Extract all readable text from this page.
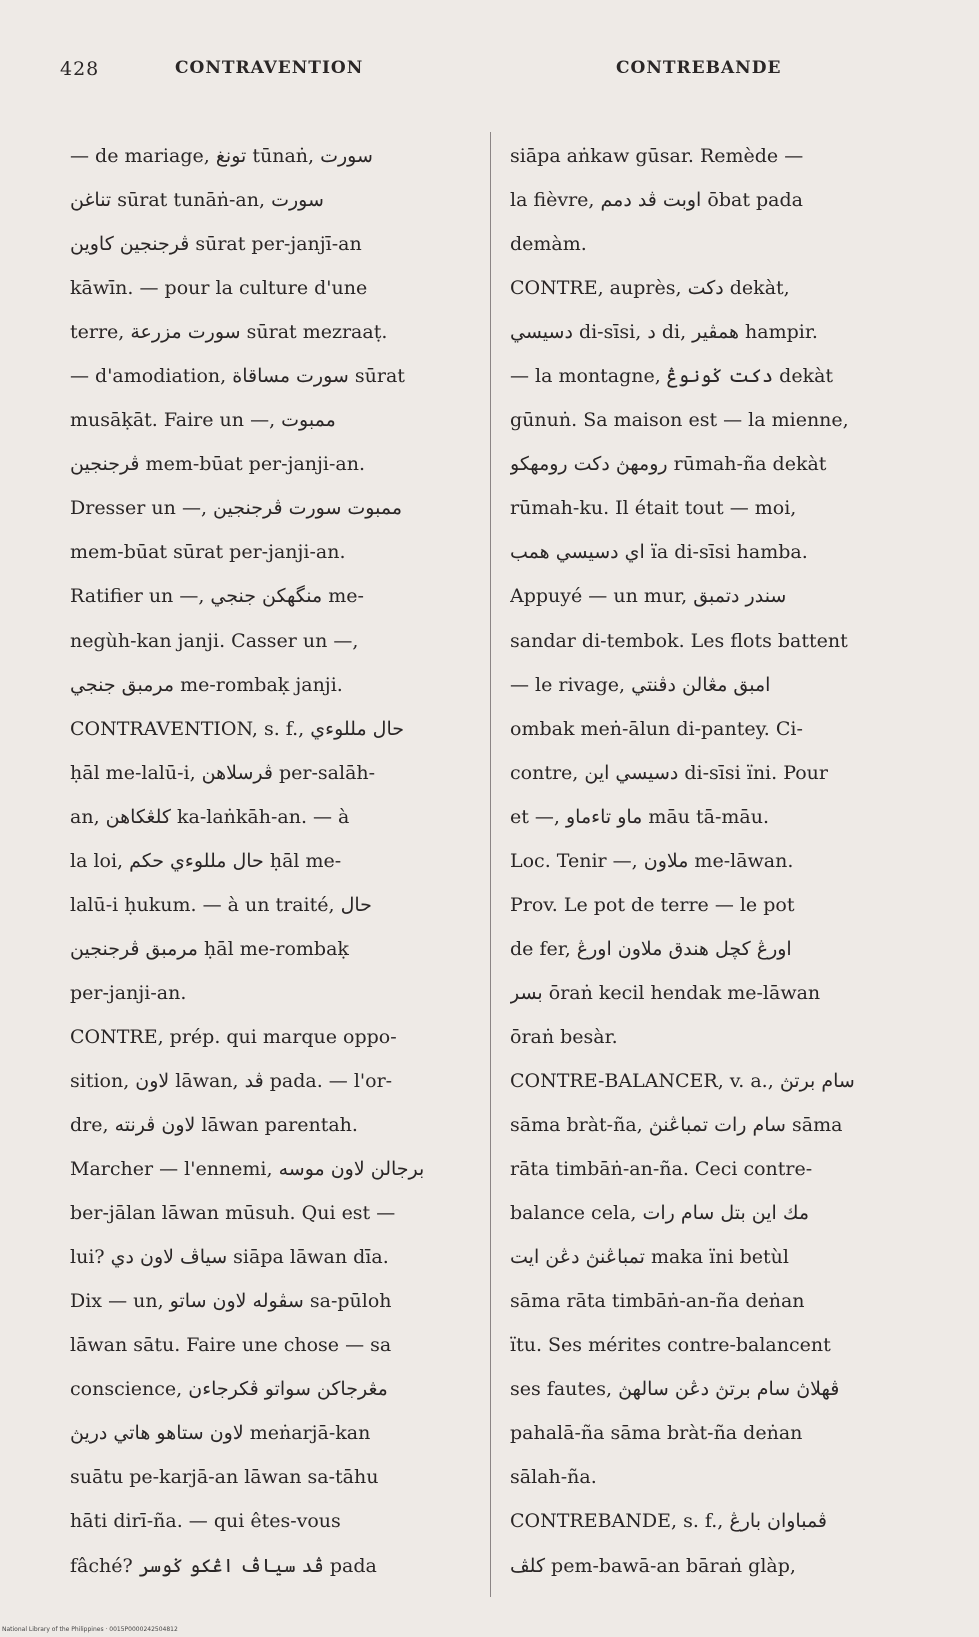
428	CONTRAVENTION	CONTREBANDE
— de mariage, تونغ tūnaṅ, سورت
تناغن sūrat tunāṅ-an, سورت
ڤرجنجين كاوين sūrat per-janjī-an
kāwīn. — pour la culture d'une
terre, سورت مزرعة sūrat mezraaṭ.
— d'amodiation, سورت مساقاة sūrat
musāḳāt. Faire un —, ممبوت
ڤرجنجين mem-būat per-janji-an.
Dresser un —, ممبوت سورت ڤرجنجين
mem-būat sūrat per-janji-an.
Ratifier un —, منگهکن جنجي me-
negùh-kan janji. Casser un —,
مرمبق جنجي me-rombaḳ janji.
CONTRAVENTION, s. f., حال مللوءي
ḥāl me-lalū-i, ڤرسلاهن per-salāh-
an, كلڠكاهن ka-laṅkāh-an. — à
la loi, حال مللوءي حكم ḥāl me-
lalū-i ḥukum. — à un traité, حال
مرمبق ڤرجنجين ḥāl me-rombaḳ
per-janji-an.
CONTRE, prép. qui marque oppo-
sition, لاون lāwan, ڤد pada. — l'or-
dre, لاون ڤرنته lāwan parentah.
Marcher — l'ennemi, برجالن لاون موسه
ber-jālan lāwan mūsuh. Qui est —
lui? سياڤ لاون دي siāpa lāwan dīa.
Dix — un, سڤوله لاون ساتو sa-pūloh
lāwan sātu. Faire une chose — sa
conscience, مڠرجاكن سواتو ڤكرجاءن
لاون ستاهو هاتي دريڽ meṅarjā-kan
suātu pe-karjā-an lāwan sa-tāhu
hāti dirī-ña. — qui êtes-vous
fâché? ڤد سياڤ اڠكو ݢوسر pada
siāpa aṅkaw gūsar. Remède —
la fièvre, اوبت ڤد دمم ōbat pada
demàm.
CONTRE, auprès, دكت dekàt,
دسيسي di-sīsi, د di, همڤير hampir.
— la montagne, دكت ݢونوڠ dekàt
gūnuṅ. Sa maison est — la mienne,
رومهڽ دكت رومهكو rūmah-ña dekàt
rūmah-ku. Il était tout — moi,
اي دسيسي همب ïa di-sīsi hamba.
Appuyé — un mur, سندر دتمبق
sandar di-tembok. Les flots battent
— le rivage, امبق مڠالن دڤنتي
ombak meṅ-ālun di-pantey. Ci-
contre, دسيسي اين di-sīsi ïni. Pour
et —, ماو تاءماو māu tā-māu.
Loc. Tenir —, ملاون me-lāwan.
Prov. Le pot de terre — le pot
de fer, اورڠ كچل هندق ملاون اورڠ
بسر ōraṅ kecil hendak me-lāwan
ōraṅ besàr.
CONTRE-BALANCER, v. a., سام برتڽ
sāma bràt-ña, سام رات تمباڠنڽ sāma
rāta timbāṅ-an-ña. Ceci contre-
balance cela, مك اين بتل سام رات
تمباڠنڽ دڠن ايت maka ïni betùl
sāma rāta timbāṅ-an-ña deṅan
ïtu. Ses mérites contre-balancent
ses fautes, ڤهلاڽ سام برتڽ دڠن سالهڽ
pahalā-ña sāma bràt-ña deṅan
sālah-ña.
CONTREBANDE, s. f., ڤمباوان بارڠ
كلڤ pem-bawā-an bāraṅ glàp,
National Library of the Philippines · 0015P0000242504812
